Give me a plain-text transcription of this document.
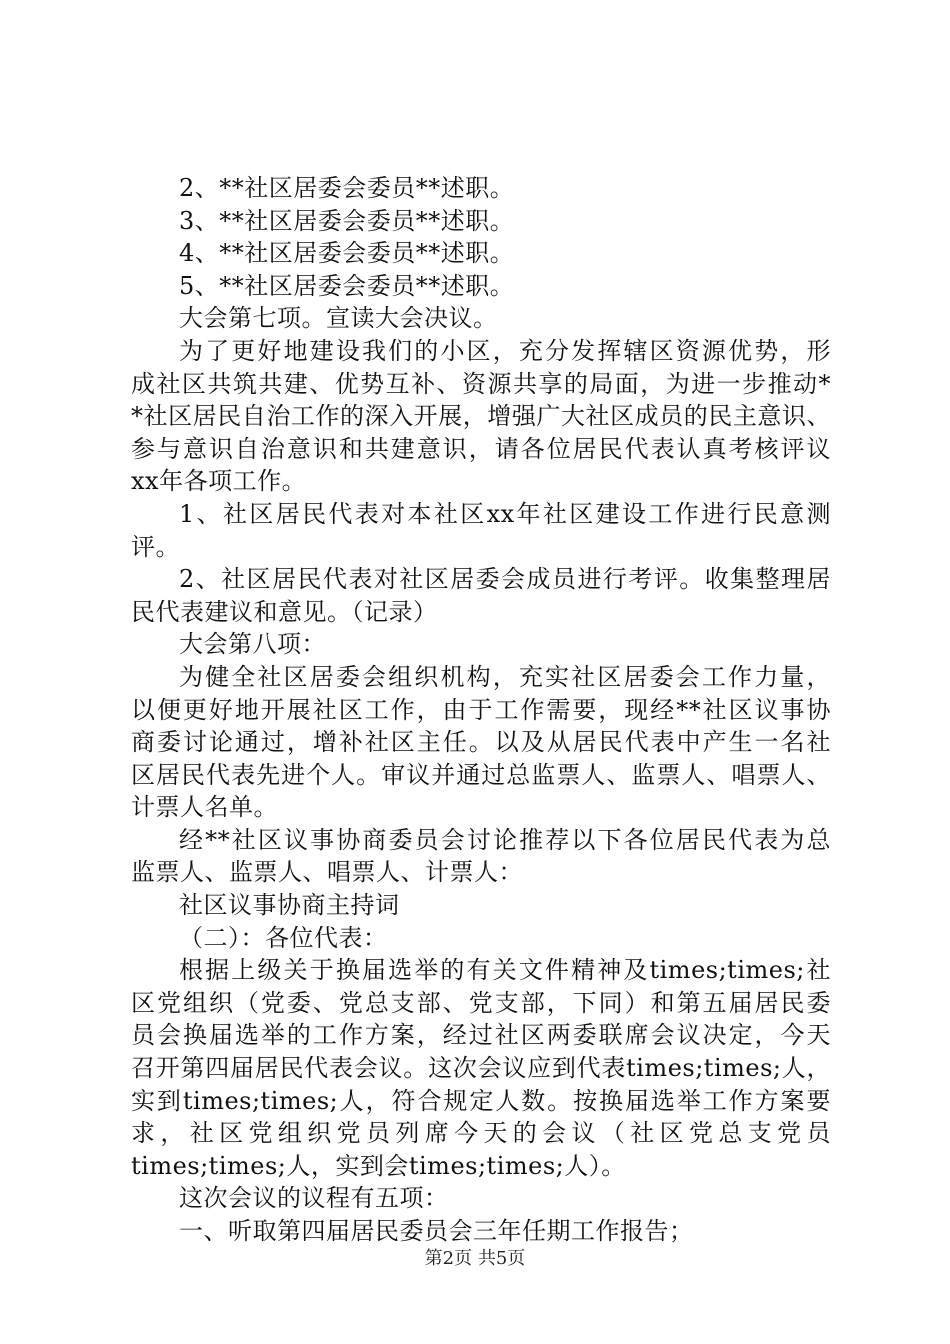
2、**社区居委会委员**述职。
3、**社区居委会委员**述职。
4、**社区居委会委员**述职。
5、**社区居委会委员**述职。
大会第七项。宣读大会决议。
为了更好地建设我们的小区，充分发挥辖区资源优势，形
成社区共筑共建、优势互补、资源共享的局面，为进一步推动*
*社区居民自治工作的深入开展，增强广大社区成员的民主意识、
参与意识自治意识和共建意识，请各位居民代表认真考核评议
xx年各项工作。
1、社区居民代表对本社区xx年社区建设工作进行民意测
评。
2、社区居民代表对社区居委会成员进行考评。收集整理居
民代表建议和意见。（记录）
大会第八项：
为健全社区居委会组织机构，充实社区居委会工作力量，
以便更好地开展社区工作，由于工作需要，现经**社区议事协
商委讨论通过，增补社区主任。以及从居民代表中产生一名社
区居民代表先进个人。审议并通过总监票人、监票人、唱票人、
计票人名单。
经**社区议事协商委员会讨论推荐以下各位居民代表为总
监票人、监票人、唱票人、计票人：
社区议事协商主持词
（二）：各位代表：
根据上级关于换届选举的有关文件精神及times;times;社
区党组织（党委、党总支部、党支部，下同）和第五届居民委
员会换届选举的工作方案，经过社区两委联席会议决定，今天
召开第四届居民代表会议。这次会议应到代表times;times;人，
实到times;times;人，符合规定人数。按换届选举工作方案要
求，社区党组织党员列席今天的会议（社区党总支党员
times;times;人，实到会times;times;人）。
这次会议的议程有五项：
一、听取第四届居民委员会三年任期工作报告；
第2页 共5页
